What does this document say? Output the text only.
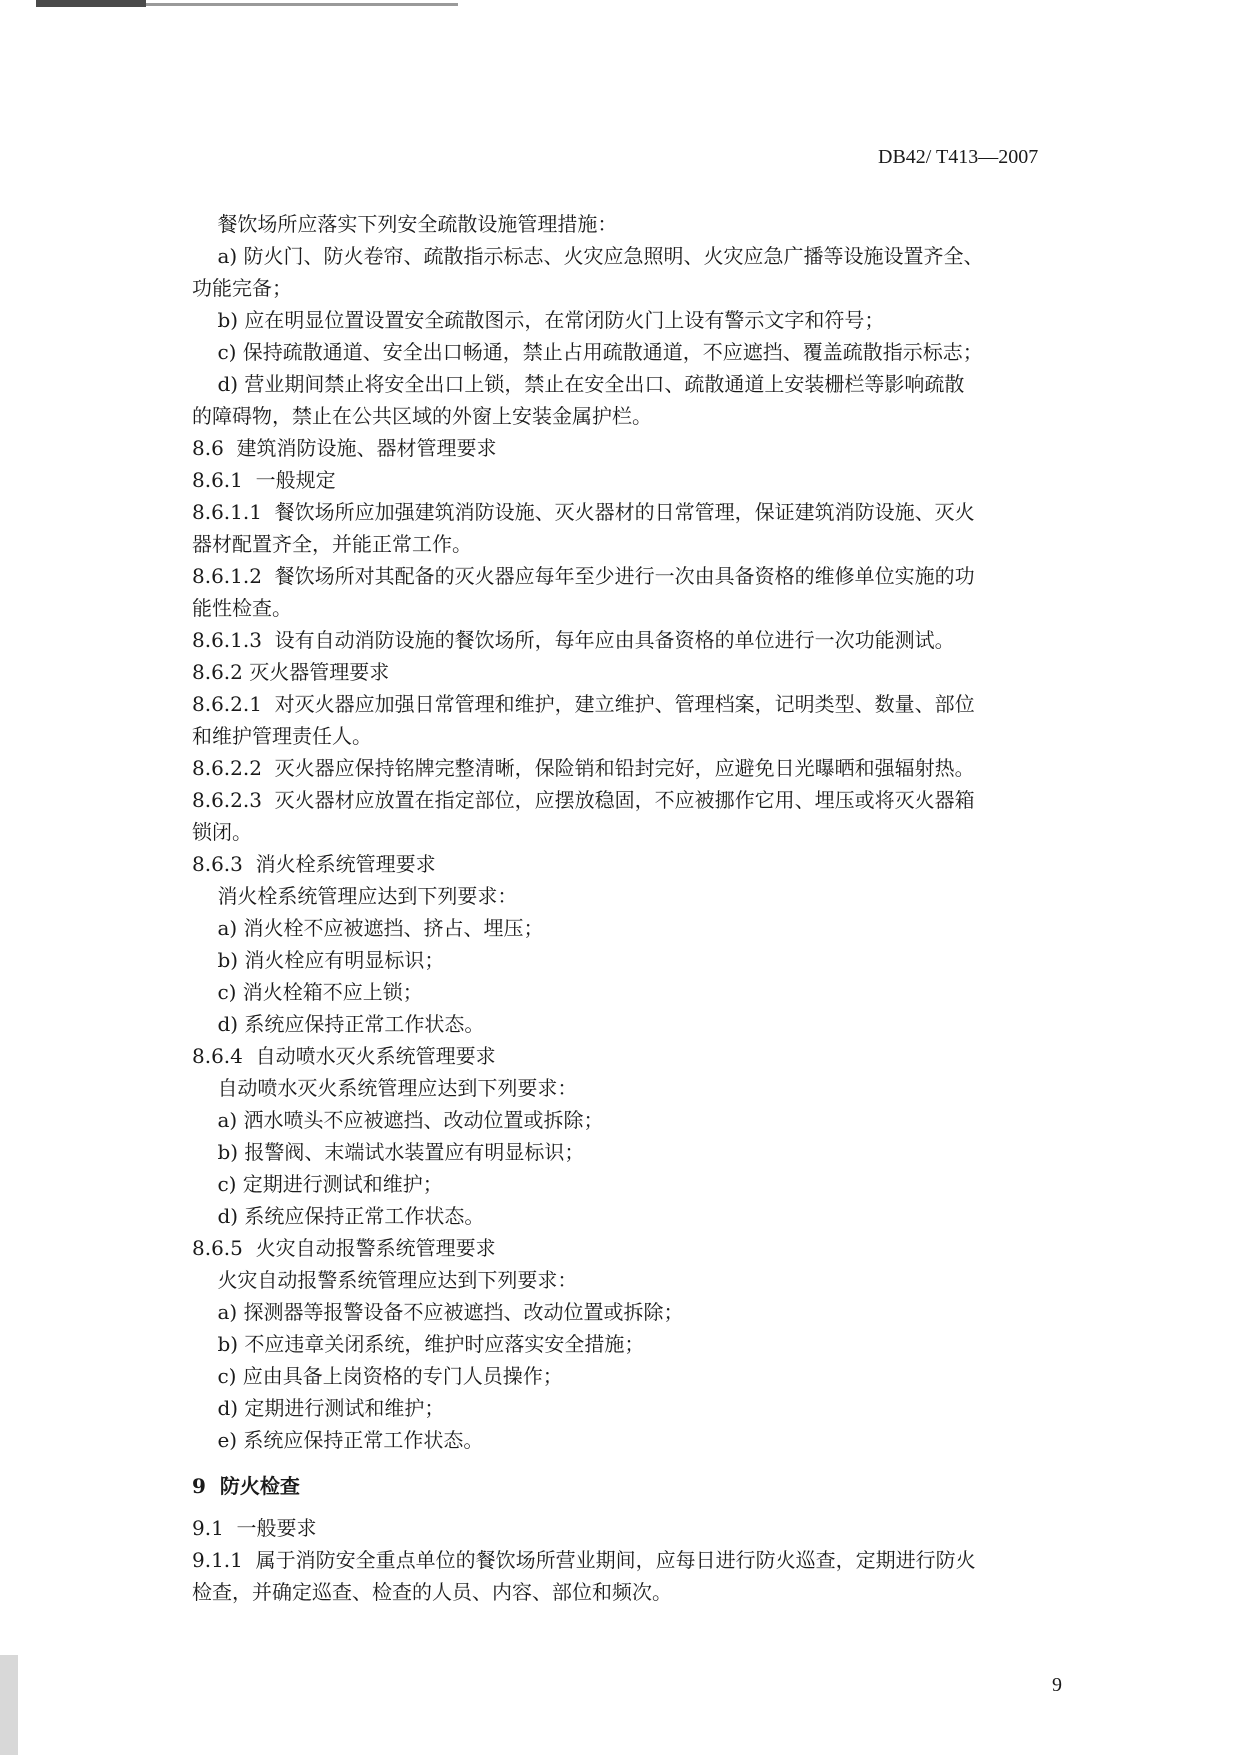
DB42/ T413—2007

餐饮场所应落实下列安全疏散设施管理措施：

a) 防火门、防火卷帘、疏散指示标志、火灾应急照明、火灾应急广播等设施设置齐全、

功能完备；

b) 应在明显位置设置安全疏散图示，在常闭防火门上设有警示文字和符号；

c) 保持疏散通道、安全出口畅通，禁止占用疏散通道，不应遮挡、覆盖疏散指示标志；

d) 营业期间禁止将安全出口上锁，禁止在安全出口、疏散通道上安装栅栏等影响疏散

的障碍物，禁止在公共区域的外窗上安装金属护栏。

8.6  建筑消防设施、器材管理要求

8.6.1  一般规定

8.6.1.1  餐饮场所应加强建筑消防设施、灭火器材的日常管理，保证建筑消防设施、灭火

器材配置齐全，并能正常工作。

8.6.1.2  餐饮场所对其配备的灭火器应每年至少进行一次由具备资格的维修单位实施的功

能性检查。

8.6.1.3  设有自动消防设施的餐饮场所，每年应由具备资格的单位进行一次功能测试。

8.6.2 灭火器管理要求

8.6.2.1  对灭火器应加强日常管理和维护，建立维护、管理档案，记明类型、数量、部位

和维护管理责任人。

8.6.2.2  灭火器应保持铭牌完整清晰，保险销和铅封完好，应避免日光曝晒和强辐射热。

8.6.2.3  灭火器材应放置在指定部位，应摆放稳固，不应被挪作它用、埋压或将灭火器箱

锁闭。

8.6.3  消火栓系统管理要求

消火栓系统管理应达到下列要求：

a) 消火栓不应被遮挡、挤占、埋压；

b) 消火栓应有明显标识；

c) 消火栓箱不应上锁；

d) 系统应保持正常工作状态。

8.6.4  自动喷水灭火系统管理要求

自动喷水灭火系统管理应达到下列要求：

a) 洒水喷头不应被遮挡、改动位置或拆除；

b) 报警阀、末端试水装置应有明显标识；

c) 定期进行测试和维护；

d) 系统应保持正常工作状态。

8.6.5  火灾自动报警系统管理要求

火灾自动报警系统管理应达到下列要求：

a) 探测器等报警设备不应被遮挡、改动位置或拆除；

b) 不应违章关闭系统，维护时应落实安全措施；

c) 应由具备上岗资格的专门人员操作；

d) 定期进行测试和维护；

e) 系统应保持正常工作状态。

9  防火检查

9.1  一般要求

9.1.1  属于消防安全重点单位的餐饮场所营业期间，应每日进行防火巡查，定期进行防火

检查，并确定巡查、检查的人员、内容、部位和频次。

9
